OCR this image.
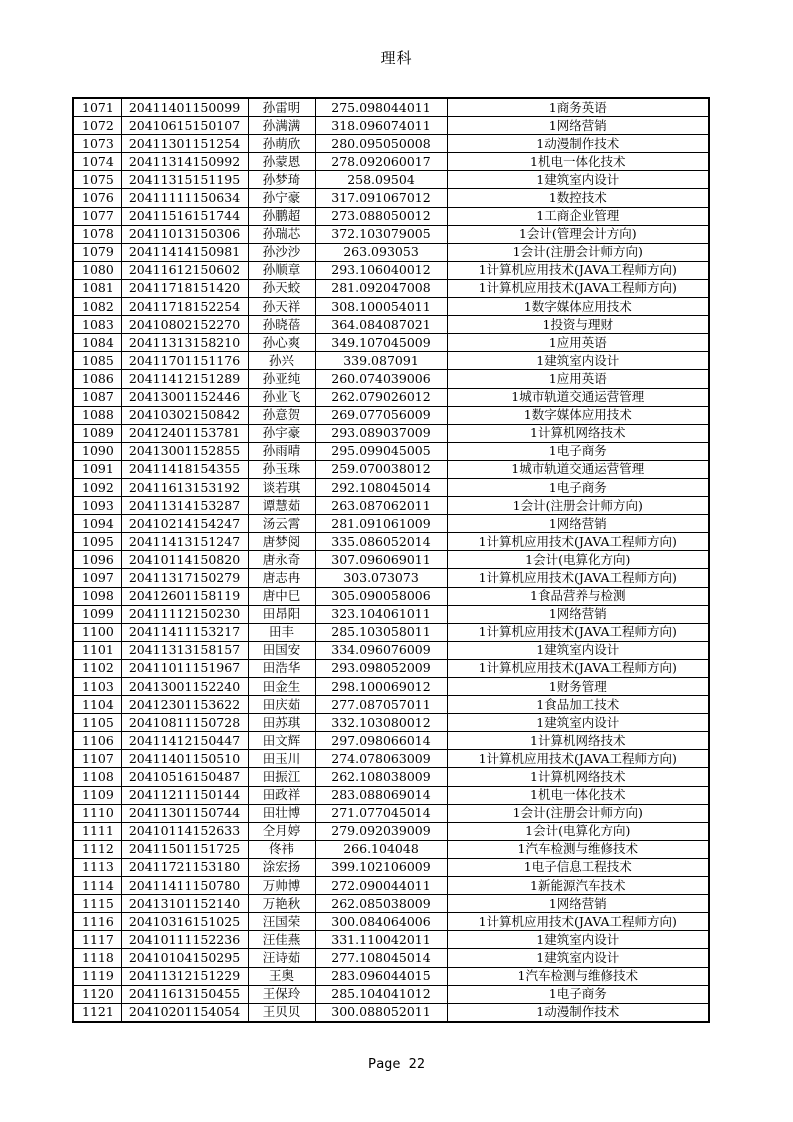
理科
1071	20411401150099	孙雷明	275.098044011	1商务英语
1072	20410615150107	孙满满	318.096074011	1网络营销
1073	20411301151254	孙萌欣	280.095050008	1动漫制作技术
1074	20411314150992	孙蒙恩	278.092060017	1机电一体化技术
1075	20411315151195	孙梦琦	258.09504	1建筑室内设计
1076	20411111150634	孙宁豪	317.091067012	1数控技术
1077	20411516151744	孙鹏超	273.088050012	1工商企业管理
1078	20411013150306	孙瑞芯	372.103079005	1会计(管理会计方向)
1079	20411414150981	孙沙沙	263.093053	1会计(注册会计师方向)
1080	20411612150602	孙顺章	293.106040012	1计算机应用技术(JAVA工程师方向)
1081	20411718151420	孙天蛟	281.092047008	1计算机应用技术(JAVA工程师方向)
1082	20411718152254	孙天祥	308.100054011	1数字媒体应用技术
1083	20410802152270	孙晓蓓	364.084087021	1投资与理财
1084	20411313158210	孙心爽	349.107045009	1应用英语
1085	20411701151176	孙兴	339.087091	1建筑室内设计
1086	20411412151289	孙亚纯	260.074039006	1应用英语
1087	20413001152446	孙业飞	262.079026012	1城市轨道交通运营管理
1088	20410302150842	孙意贺	269.077056009	1数字媒体应用技术
1089	20412401153781	孙宇豪	293.089037009	1计算机网络技术
1090	20413001152855	孙雨晴	295.099045005	1电子商务
1091	20411418154355	孙玉珠	259.070038012	1城市轨道交通运营管理
1092	20411613153192	谈若琪	292.108045014	1电子商务
1093	20411314153287	谭慧茹	263.087062011	1会计(注册会计师方向)
1094	20410214154247	汤云霄	281.091061009	1网络营销
1095	20411413151247	唐梦阅	335.086052014	1计算机应用技术(JAVA工程师方向)
1096	20410114150820	唐永奇	307.096069011	1会计(电算化方向)
1097	20411317150279	唐志冉	303.073073	1计算机应用技术(JAVA工程师方向)
1098	20412601158119	唐中巳	305.090058006	1食品营养与检测
1099	20411112150230	田昂阳	323.104061011	1网络营销
1100	20411411153217	田丰	285.103058011	1计算机应用技术(JAVA工程师方向)
1101	20411313158157	田国安	334.096076009	1建筑室内设计
1102	20411011151967	田浩华	293.098052009	1计算机应用技术(JAVA工程师方向)
1103	20413001152240	田金生	298.100069012	1财务管理
1104	20412301153622	田庆茹	277.087057011	1食品加工技术
1105	20410811150728	田苏琪	332.103080012	1建筑室内设计
1106	20411412150447	田文辉	297.098066014	1计算机网络技术
1107	20411401150510	田玉川	274.078063009	1计算机应用技术(JAVA工程师方向)
1108	20410516150487	田振江	262.108038009	1计算机网络技术
1109	20411211150144	田政祥	283.088069014	1机电一体化技术
1110	20411301150744	田壮博	271.077045014	1会计(注册会计师方向)
1111	20410114152633	仝月婷	279.092039009	1会计(电算化方向)
1112	20411501151725	佟祎	266.104048	1汽车检测与维修技术
1113	20411721153180	涂宏扬	399.102106009	1电子信息工程技术
1114	20411411150780	万帅博	272.090044011	1新能源汽车技术
1115	20413101152140	万艳秋	262.085038009	1网络营销
1116	20410316151025	汪国荣	300.084064006	1计算机应用技术(JAVA工程师方向)
1117	20410111152236	汪佳燕	331.110042011	1建筑室内设计
1118	20410104150295	汪诗茹	277.108045014	1建筑室内设计
1119	20411312151229	王奥	283.096044015	1汽车检测与维修技术
1120	20411613150455	王保玲	285.104041012	1电子商务
1121	20410201154054	王贝贝	300.088052011	1动漫制作技术
Page 22
